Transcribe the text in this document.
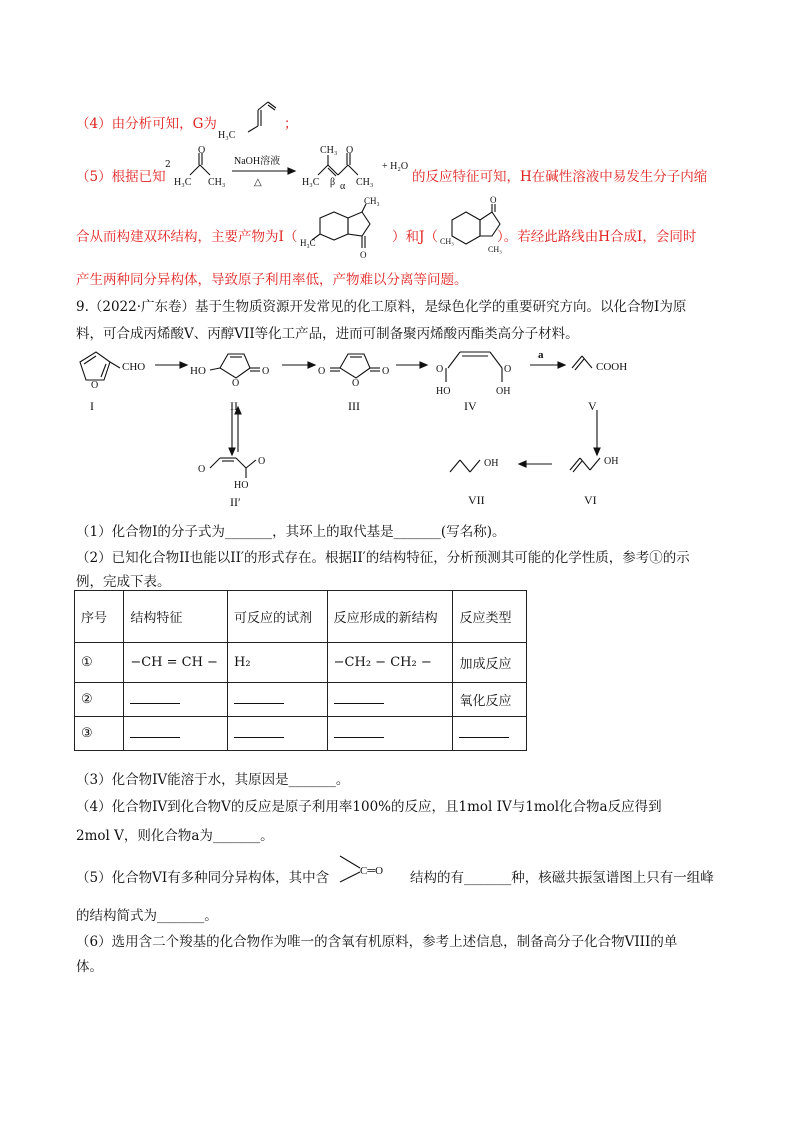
（4）由分析可知，G为
H₃C
；
（5）根据已知
2
O
H₃C CH₃
NaOH溶液
△
CH₃ O
H₃C β α CH₃
+ H₂O
的反应特征可知，H在碱性溶液中易发生分子内缩
合从而构建双环结构，主要产物为I（
CH₃
H₃C
O
）和J（
O
CH₃
CH₃
）。若经此路线由H合成I，会同时
产生两种同分异构体，导致原子利用率低，产物难以分离等问题。
9.（2022·广东卷）基于生物质资源开发常见的化工原料，是绿色化学的重要研究方向。以化合物I为原
料，可合成丙烯酸V、丙醇VII等化工产品，进而可制备聚丙烯酸丙酯类高分子材料。
CHO
O
I
HO
O
O
II
O
O
O
III
O	O
HO	OH
IV
a
COOH
V
OH
VI
OH
VII
O
O
HO
II′
（1）化合物I的分子式为_______，其环上的取代基是_______(写名称)。
（2）已知化合物II也能以II′的形式存在。根据II′的结构特征，分析预测其可能的化学性质，参考①的示
例，完成下表。
序号	结构特征	可反应的试剂	反应形成的新结构	反应类型
①	−CH = CH −	H₂	−CH₂ − CH₂ −	加成反应
②				氧化反应
③				
（3）化合物IV能溶于水，其原因是_______。
（4）化合物IV到化合物V的反应是原子利用率100%的反应，且1mol IV与1mol化合物a反应得到
2mol V，则化合物a为_______。
（5）化合物VI有多种同分异构体，其中含	C═O 结构的有_______种，核磁共振氢谱图上只有一组峰
的结构简式为_______。
（6）选用含二个羧基的化合物作为唯一的含氧有机原料，参考上述信息，制备高分子化合物VIII的单
体。
